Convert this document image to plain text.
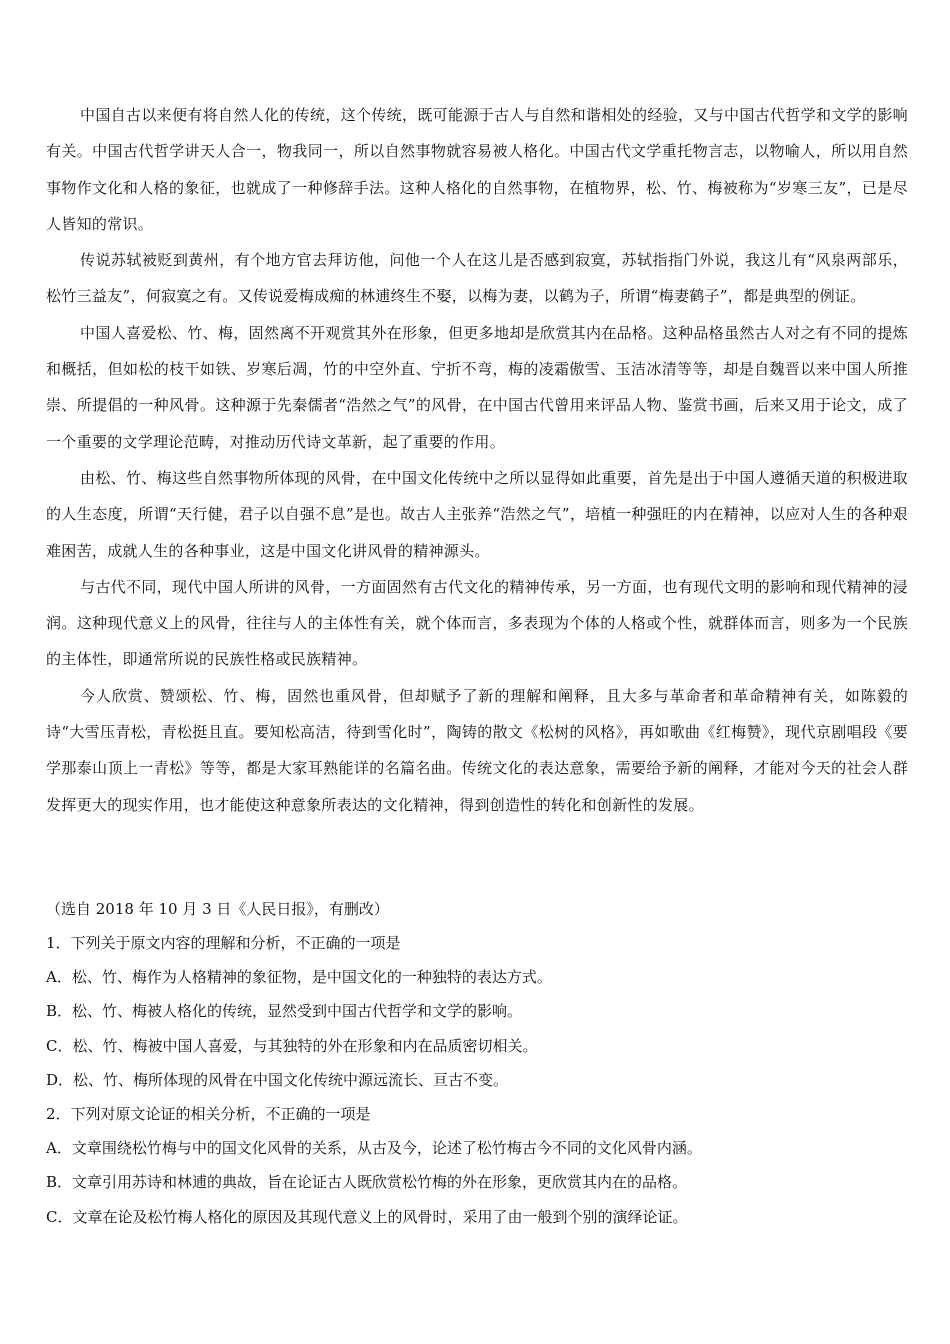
中国自古以来便有将自然人化的传统，这个传统，既可能源于古人与自然和谐相处的经验，又与中国古代哲学和文学的影响有关。中国古代哲学讲天人合一，物我同一，所以自然事物就容易被人格化。中国古代文学重托物言志，以物喻人，所以用自然事物作文化和人格的象征，也就成了一种修辞手法。这种人格化的自然事物，在植物界，松、竹、梅被称为“岁寒三友”，已是尽人皆知的常识。

传说苏轼被贬到黄州，有个地方官去拜访他，问他一个人在这儿是否感到寂寞，苏轼指指门外说，我这儿有“风泉两部乐，松竹三益友”，何寂寞之有。又传说爱梅成痴的林逋终生不娶，以梅为妻，以鹤为子，所谓“梅妻鹤子”，都是典型的例证。

中国人喜爱松、竹、梅，固然离不开观赏其外在形象，但更多地却是欣赏其内在品格。这种品格虽然古人对之有不同的提炼和概括，但如松的枝干如铁、岁寒后凋，竹的中空外直、宁折不弯，梅的凌霜傲雪、玉洁冰清等等，却是自魏晋以来中国人所推崇、所提倡的一种风骨。这种源于先秦儒者“浩然之气”的风骨，在中国古代曾用来评品人物、鉴赏书画，后来又用于论文，成了一个重要的文学理论范畴，对推动历代诗文革新，起了重要的作用。

由松、竹、梅这些自然事物所体现的风骨，在中国文化传统中之所以显得如此重要，首先是出于中国人遵循天道的积极进取的人生态度，所谓“天行健，君子以自强不息”是也。故古人主张养“浩然之气”，培植一种强旺的内在精神，以应对人生的各种艰难困苦，成就人生的各种事业，这是中国文化讲风骨的精神源头。

与古代不同，现代中国人所讲的风骨，一方面固然有古代文化的精神传承，另一方面，也有现代文明的影响和现代精神的浸润。这种现代意义上的风骨，往往与人的主体性有关，就个体而言，多表现为个体的人格或个性，就群体而言，则多为一个民族的主体性，即通常所说的民族性格或民族精神。

今人欣赏、赞颂松、竹、梅，固然也重风骨，但却赋予了新的理解和阐释，且大多与革命者和革命精神有关，如陈毅的诗“大雪压青松，青松挺且直。要知松高洁，待到雪化时”，陶铸的散文《松树的风格》，再如歌曲《红梅赞》，现代京剧唱段《要学那泰山顶上一青松》等等，都是大家耳熟能详的名篇名曲。传统文化的表达意象，需要给予新的阐释，才能对今天的社会人群发挥更大的现实作用，也才能使这种意象所表达的文化精神，得到创造性的转化和创新性的发展。

（选自 2018 年 10 月 3 日《人民日报》，有删改）

1．下列关于原文内容的理解和分析，不正确的一项是

A．松、竹、梅作为人格精神的象征物，是中国文化的一种独特的表达方式。

B．松、竹、梅被人格化的传统，显然受到中国古代哲学和文学的影响。

C．松、竹、梅被中国人喜爱，与其独特的外在形象和内在品质密切相关。

D．松、竹、梅所体现的风骨在中国文化传统中源远流长、亘古不变。

2．下列对原文论证的相关分析，不正确的一项是

A．文章围绕松竹梅与中的国文化风骨的关系，从古及今，论述了松竹梅古今不同的文化风骨内涵。

B．文章引用苏诗和林逋的典故，旨在论证古人既欣赏松竹梅的外在形象，更欣赏其内在的品格。

C．文章在论及松竹梅人格化的原因及其现代意义上的风骨时，采用了由一般到个别的演绎论证。
